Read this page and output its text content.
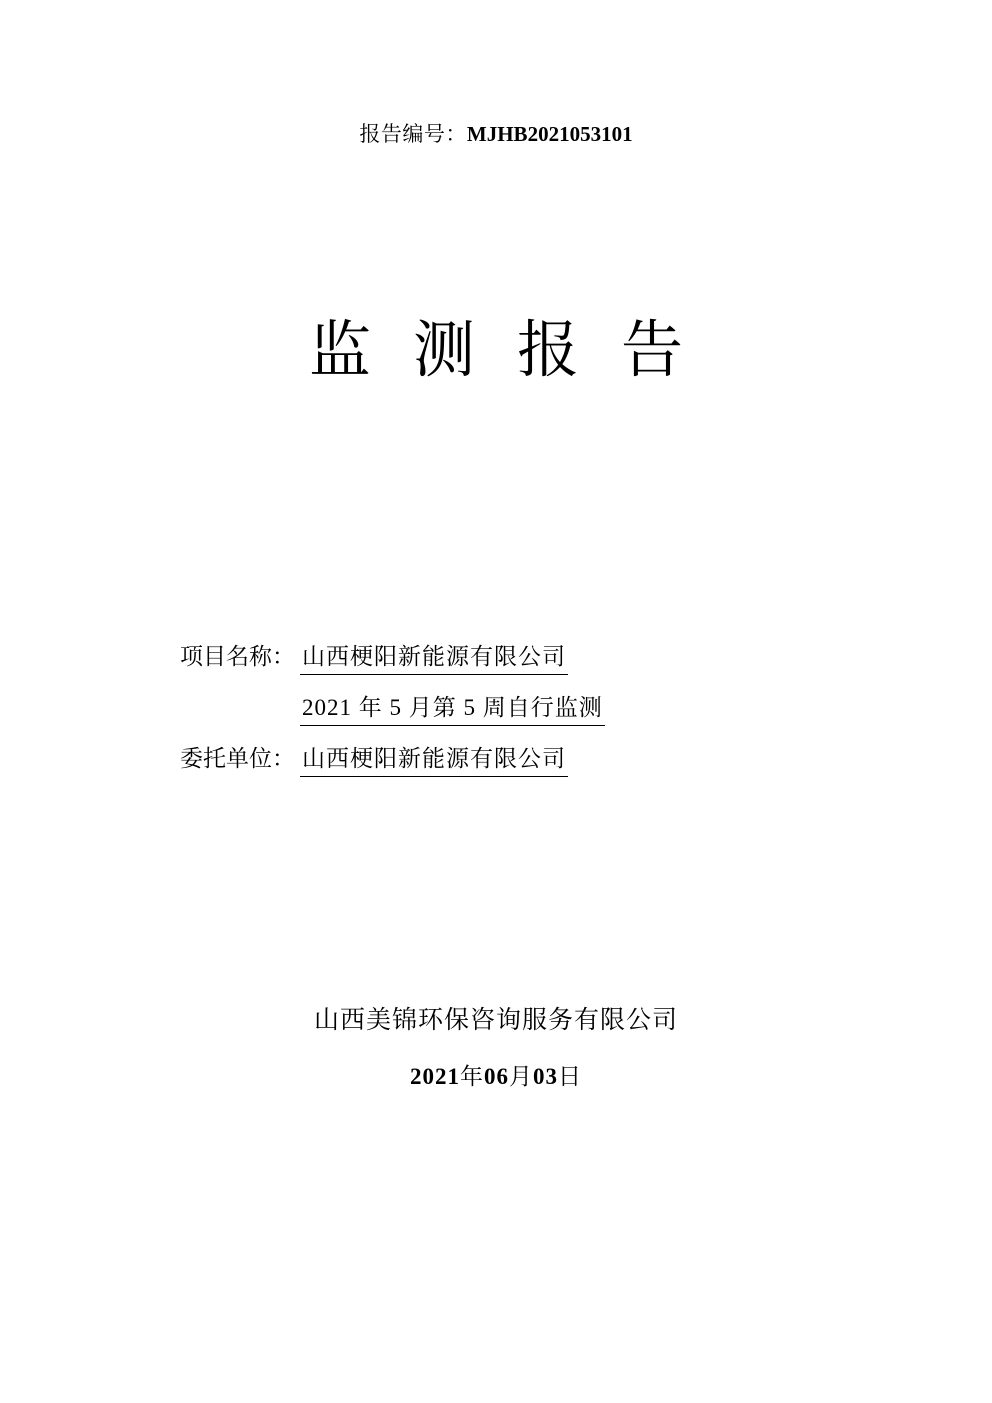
报告编号：MJHB2021053101
监测报告
项目名称： 山西梗阳新能源有限公司
2021 年 5 月第 5 周自行监测
委托单位： 山西梗阳新能源有限公司
山西美锦环保咨询服务有限公司
2021年06月03日
